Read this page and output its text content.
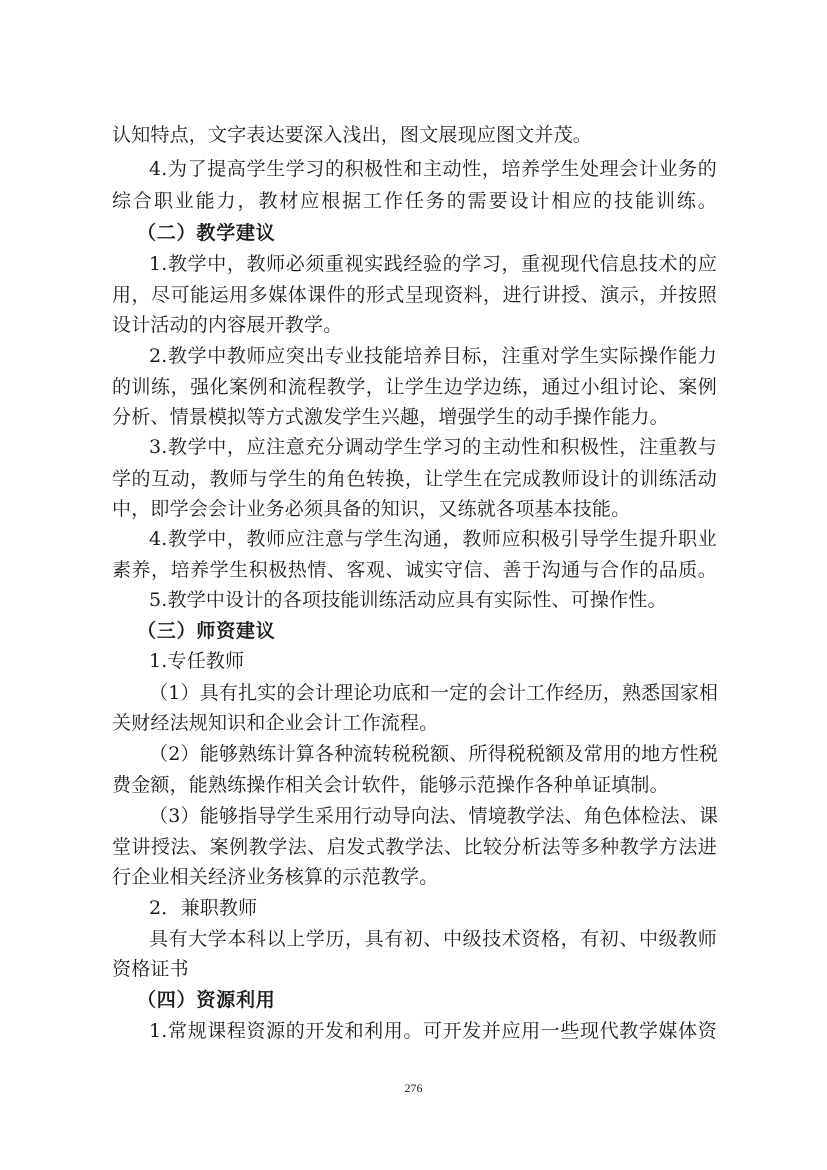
认知特点，文字表达要深入浅出，图文展现应图文并茂。
4.为了提高学生学习的积极性和主动性，培养学生处理会计业务的
综合职业能力，教材应根据工作任务的需要设计相应的技能训练。
（二）教学建议
1.教学中，教师必须重视实践经验的学习，重视现代信息技术的应
用，尽可能运用多媒体课件的形式呈现资料，进行讲授、演示，并按照
设计活动的内容展开教学。
2.教学中教师应突出专业技能培养目标，注重对学生实际操作能力
的训练，强化案例和流程教学，让学生边学边练，通过小组讨论、案例
分析、情景模拟等方式激发学生兴趣，增强学生的动手操作能力。
3.教学中，应注意充分调动学生学习的主动性和积极性，注重教与
学的互动，教师与学生的角色转换，让学生在完成教师设计的训练活动
中，即学会会计业务必须具备的知识，又练就各项基本技能。
4.教学中，教师应注意与学生沟通，教师应积极引导学生提升职业
素养，培养学生积极热情、客观、诚实守信、善于沟通与合作的品质。
5.教学中设计的各项技能训练活动应具有实际性、可操作性。
（三）师资建议
1.专任教师
（1）具有扎实的会计理论功底和一定的会计工作经历，熟悉国家相
关财经法规知识和企业会计工作流程。
（2）能够熟练计算各种流转税税额、所得税税额及常用的地方性税
费金额，能熟练操作相关会计软件，能够示范操作各种单证填制。
（3）能够指导学生采用行动导向法、情境教学法、角色体检法、课
堂讲授法、案例教学法、启发式教学法、比较分析法等多种教学方法进
行企业相关经济业务核算的示范教学。
2．兼职教师
具有大学本科以上学历，具有初、中级技术资格，有初、中级教师
资格证书
（四）资源利用
1.常规课程资源的开发和利用。可开发并应用一些现代教学媒体资
276
